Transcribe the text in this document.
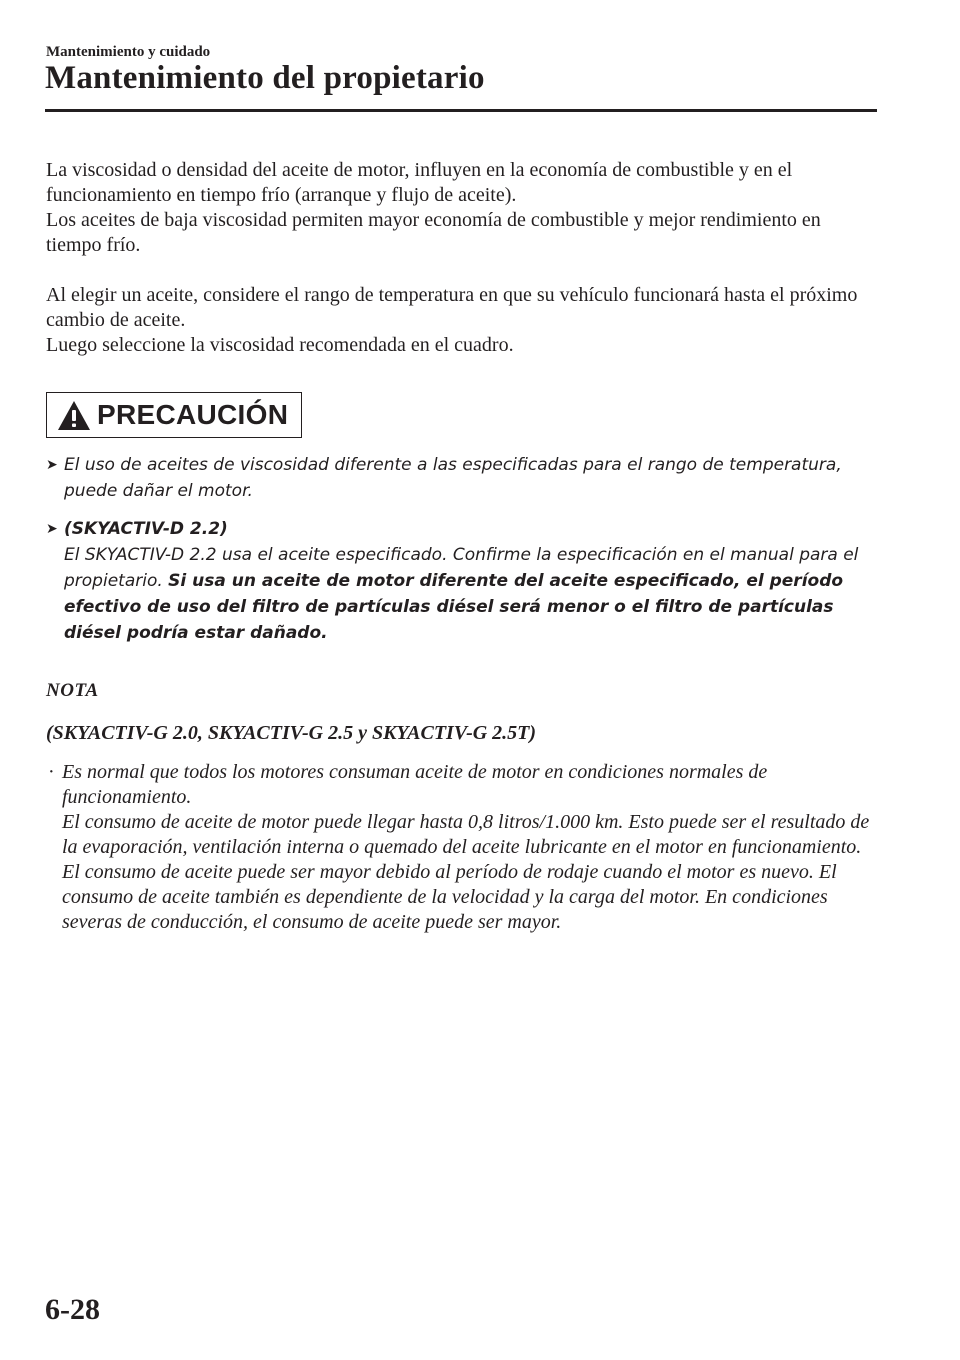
Mantenimiento y cuidado
Mantenimiento del propietario

La viscosidad o densidad del aceite de motor, influyen en la economía de combustible y en el funcionamiento en tiempo frío (arranque y flujo de aceite).

Los aceites de baja viscosidad permiten mayor economía de combustible y mejor rendimiento en tiempo frío.

Al elegir un aceite, considere el rango de temperatura en que su vehículo funcionará hasta el próximo cambio de aceite.

Luego seleccione la viscosidad recomendada en el cuadro.

PRECAUCIÓN
➤ El uso de aceites de viscosidad diferente a las especificadas para el rango de temperatura, puede dañar el motor.
➤ (SKYACTIV-D 2.2)
El SKYACTIV-D 2.2 usa el aceite especificado. Confirme la especificación en el manual para el propietario. Si usa un aceite de motor diferente del aceite especificado, el período efectivo de uso del filtro de partículas diésel será menor o el filtro de partículas diésel podría estar dañado.
NOTA
(SKYACTIV-G 2.0, SKYACTIV-G 2.5 y SKYACTIV-G 2.5T)
· Es normal que todos los motores consuman aceite de motor en condiciones normales de funcionamiento.

El consumo de aceite de motor puede llegar hasta 0,8 litros/1.000 km. Esto puede ser el resultado de la evaporación, ventilación interna o quemado del aceite lubricante en el motor en funcionamiento. El consumo de aceite puede ser mayor debido al período de rodaje cuando el motor es nuevo. El consumo de aceite también es dependiente de la velocidad y la carga del motor. En condiciones severas de conducción, el consumo de aceite puede ser mayor.

6-28
